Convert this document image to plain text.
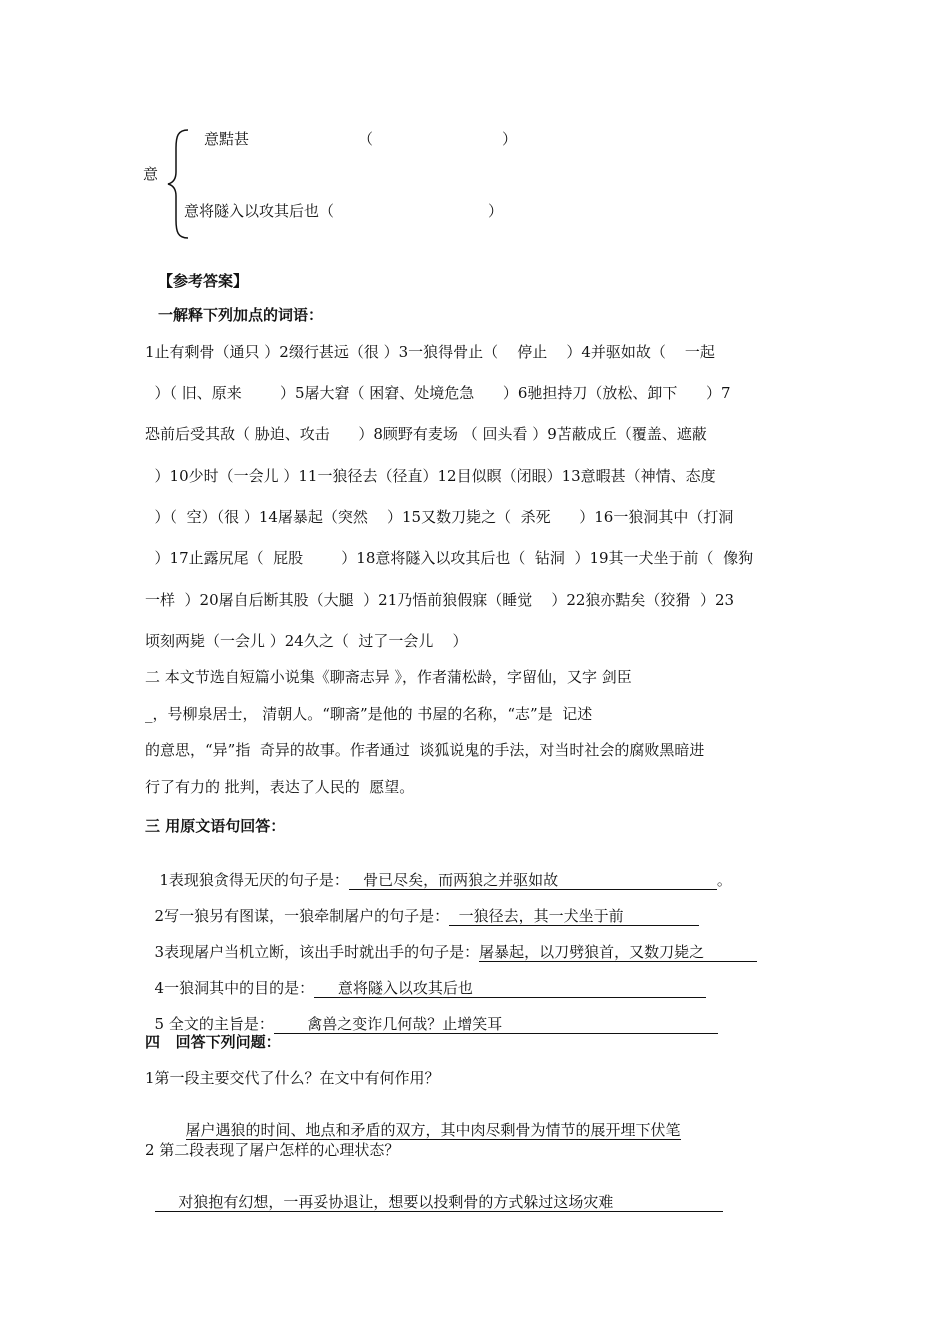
意
意黠甚	（	）
意将隧入以攻其后也（	）
【参考答案】
一解释下列加点的词语：
1止有剩骨（通只 ）2缀行甚远（很 ）3一狼得骨止（    停止    ）4并驱如故（    一起
）（ 旧、原来        ）5屠大窘（ 困窘、处境危急      ）6驰担持刀（放松、卸下      ）7
恐前后受其敌（ 胁迫、攻击      ）8顾野有麦场 （ 回头看 ）9苫蔽成丘（覆盖、遮蔽
）10少时（一会儿 ）11一狼径去（径直）12目似瞑（闭眼）13意暇甚（神情、态度
）（  空）（很 ）14屠暴起（突然    ）15又数刀毙之（  杀死      ）16一狼洞其中（打洞
）17止露尻尾（  屁股        ）18意将隧入以攻其后也（  钻洞  ）19其一犬坐于前（  像狗
一样  ）20屠自后断其股（大腿  ）21乃悟前狼假寐（睡觉    ）22狼亦黠矣（狡猾  ）23
顷刻两毙（一会儿 ）24久之（  过了一会儿    ）
二 本文节选自短篇小说集《聊斋志异 》，作者蒲松龄，字留仙，又字 剑臣
_，号柳泉居士， 清朝人。“聊斋”是他的 书屋的名称，“志”是  记述
的意思，“异”指  奇异的故事。作者通过  谈狐说鬼的手法，对当时社会的腐败黑暗进
行了有力的 批判，表达了人民的  愿望。
三 用原文语句回答：

1表现狼贪得无厌的句子是：   骨已尽矣，而两狼之并驱如故	。

2写一狼另有图谋，一狼牵制屠户的句子是：  一狼径去，其一犬坐于前

3表现屠户当机立断，该出手时就出手的句子是：屠暴起，以刀劈狼首，又数刀毙之

4一狼洞其中的目的是：     意将隧入以攻其后也

5 全文的主旨是：       禽兽之变诈几何哉？止增笑耳

四   回答下列问题：
1第一段主要交代了什么？在文中有何作用？

屠户遇狼的时间、地点和矛盾的双方，其中肉尽剩骨为情节的展开埋下伏笔

2 第二段表现了屠户怎样的心理状态？

对狼抱有幻想，一再妥协退让，想要以投剩骨的方式躲过这场灾难
